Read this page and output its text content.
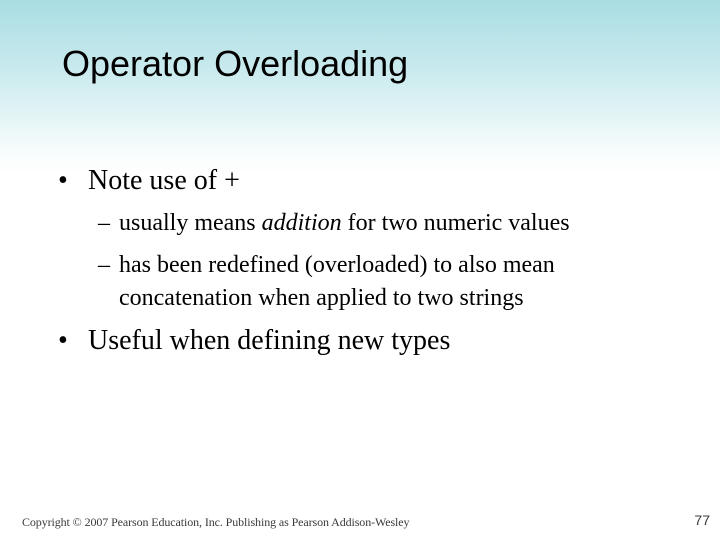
Operator Overloading
• Note use of +
– usually means addition for two numeric values
– has been redefined (overloaded) to also mean
concatenation when applied to two strings
• Useful when defining new types
Copyright © 2007 Pearson Education, Inc. Publishing as Pearson Addison-Wesley	77
